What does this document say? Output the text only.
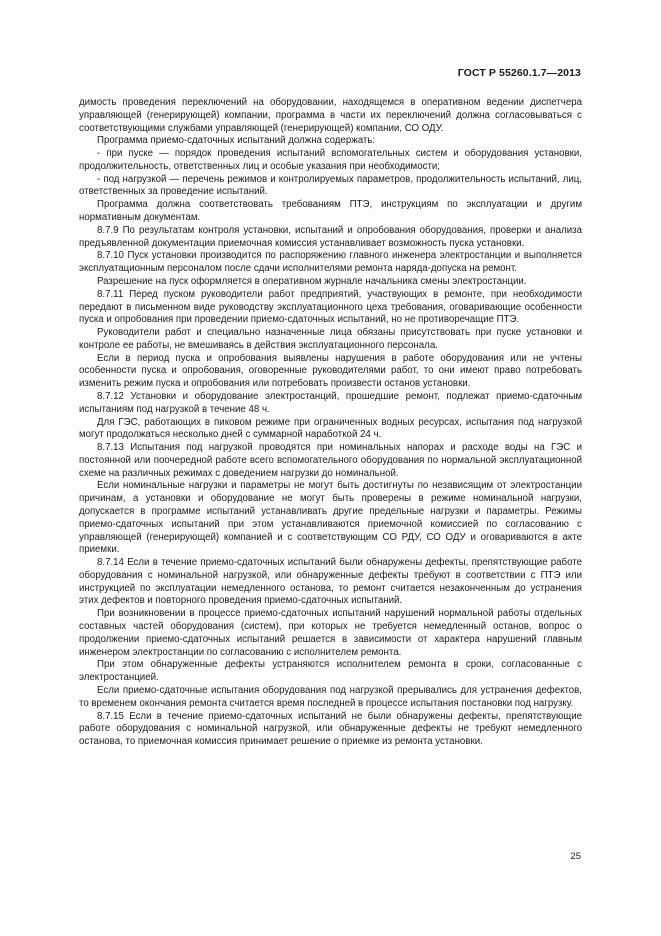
ГОСТ Р 55260.1.7—2013

димость проведения переключений на оборудовании, находящемся в оперативном ведении диспетчера управляющей (генерирующей) компании, программа в части их переключений должна согласовываться с соответствующими службами управляющей (генерирующей) компании, СО ОДУ.

Программа приемо-сдаточных испытаний должна содержать:

- при пуске — порядок проведения испытаний вспомогательных систем и оборудования установки, продолжительность, ответственных лиц и особые указания при необходимости;

- под нагрузкой — перечень режимов и контролируемых параметров, продолжительность испытаний, лиц, ответственных за проведение испытаний.

Программа должна соответствовать требованиям ПТЭ, инструкциям по эксплуатации и другим нормативным документам.

8.7.9 По результатам контроля установки, испытаний и опробования оборудования, проверки и анализа предъявленной документации приемочная комиссия устанавливает возможность пуска установки.

8.7.10 Пуск установки производится по распоряжению главного инженера электростанции и выполняется эксплуатационным персоналом после сдачи исполнителями ремонта наряда-допуска на ремонт.

Разрешение на пуск оформляется в оперативном журнале начальника смены электростанции.

8.7.11 Перед пуском руководители работ предприятий, участвующих в ремонте, при необходимости передают в письменном виде руководству эксплуатационного цеха требования, оговаривающие особенности пуска и опробования при проведении приемо-сдаточных испытаний, но не противоречащие ПТЭ.

Руководители работ и специально назначенные лица обязаны присутствовать при пуске установки и контроле ее работы, не вмешиваясь в действия эксплуатационного персонала.

Если в период пуска и опробования выявлены нарушения в работе оборудования или не учтены особенности пуска и опробования, оговоренные руководителями работ, то они имеют право потребовать изменить режим пуска и опробования или потребовать произвести останов установки.

8.7.12 Установки и оборудование электростанций, прошедшие ремонт, подлежат приемо-сдаточным испытаниям под нагрузкой в течение 48 ч.

Для ГЭС, работающих в пиковом режиме при ограниченных водных ресурсах, испытания под нагрузкой могут продолжаться несколько дней с суммарной наработкой 24 ч.

8.7.13 Испытания под нагрузкой проводятся при номинальных напорах и расходе воды на ГЭС и постоянной или поочередной работе всего вспомогательного оборудования по нормальной эксплуатационной схеме на различных режимах с доведением нагрузки до номинальной.

Если номинальные нагрузки и параметры не могут быть достигнуты по независящим от электростанции причинам, а установки и оборудование не могут быть проверены в режиме номинальной нагрузки, допускается в программе испытаний устанавливать другие предельные нагрузки и параметры. Режимы приемо-сдаточных испытаний при этом устанавливаются приемочной комиссией по согласованию с управляющей (генерирующей) компанией и с соответствующим СО РДУ, СО ОДУ и оговариваются в акте приемки.

8.7.14 Если в течение приемо-сдаточных испытаний были обнаружены дефекты, препятствующие работе оборудования с номинальной нагрузкой, или обнаруженные дефекты требуют в соответствии с ПТЭ или инструкцией по эксплуатации немедленного останова, то ремонт считается незаконченным до устранения этих дефектов и повторного проведения приемо-сдаточных испытаний.

При возникновении в процессе приемо-сдаточных испытаний нарушений нормальной работы отдельных составных частей оборудования (систем), при которых не требуется немедленный останов, вопрос о продолжении приемо-сдаточных испытаний решается в зависимости от характера нарушений главным инженером электростанции по согласованию с исполнителем ремонта.

При этом обнаруженные дефекты устраняются исполнителем ремонта в сроки, согласованные с электростанцией.

Если приемо-сдаточные испытания оборудования под нагрузкой прерывались для устранения дефектов, то временем окончания ремонта считается время последней в процессе испытания постановки под нагрузку.

8.7.15 Если в течение приемо-сдаточных испытаний не были обнаружены дефекты, препятствующие работе оборудования с номинальной нагрузкой, или обнаруженные дефекты не требуют немедленного останова, то приемочная комиссия принимает решение о приемке из ремонта установки.

25
